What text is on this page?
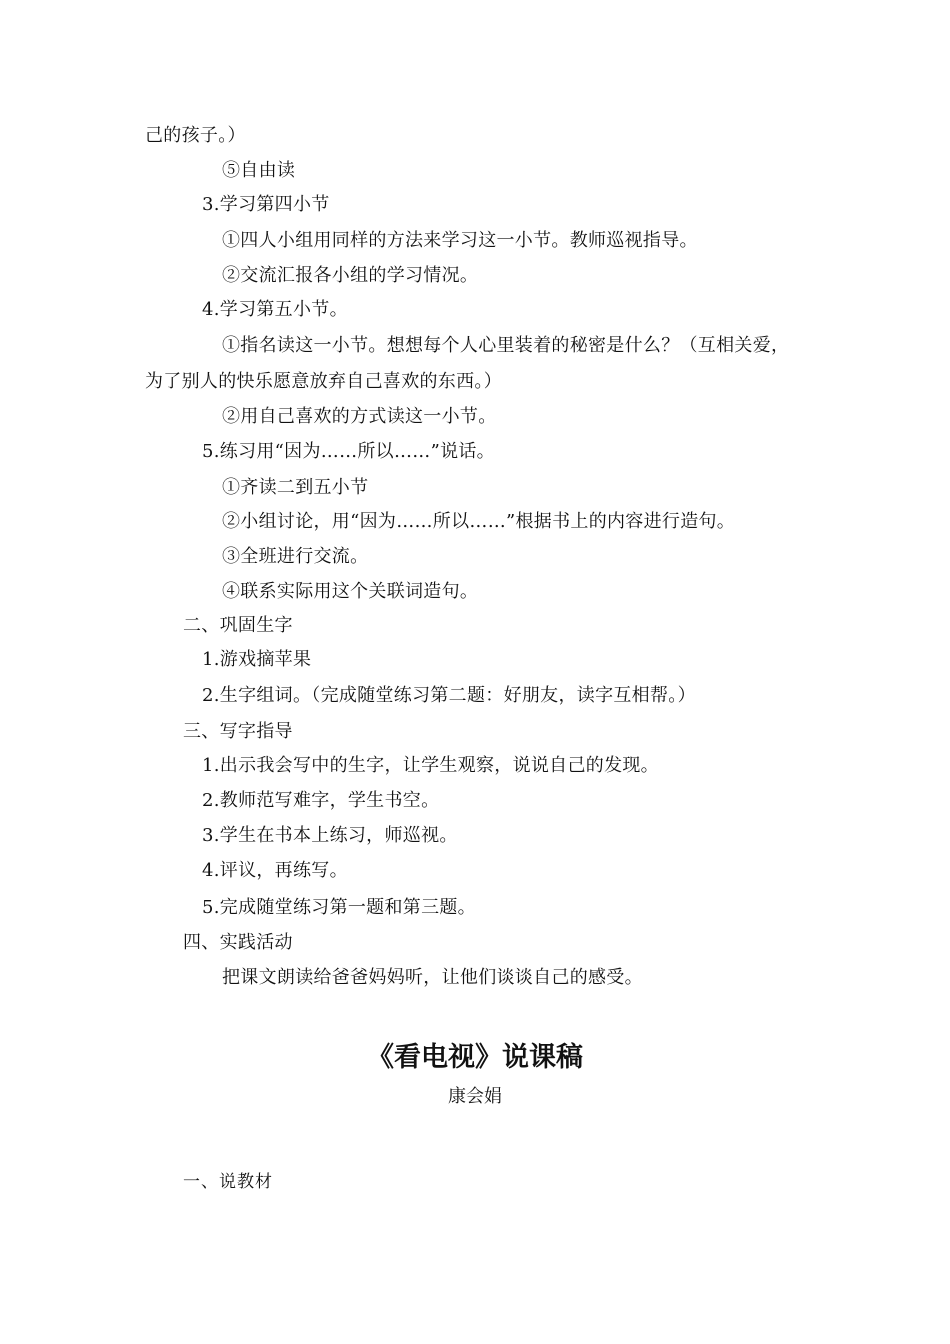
己的孩子。）
⑤自由读
3.学习第四小节
①四人小组用同样的方法来学习这一小节。教师巡视指导。
②交流汇报各小组的学习情况。
4.学习第五小节。
①指名读这一小节。想想每个人心里装着的秘密是什么？（互相关爱，
为了别人的快乐愿意放弃自己喜欢的东西。）
②用自己喜欢的方式读这一小节。
5.练习用“因为……所以……”说话。
①齐读二到五小节
②小组讨论，用“因为……所以……”根据书上的内容进行造句。
③全班进行交流。
④联系实际用这个关联词造句。
二、巩固生字
1.游戏摘苹果
2.生字组词。（完成随堂练习第二题：好朋友，读字互相帮。）
三、写字指导
1.出示我会写中的生字，让学生观察，说说自己的发现。
2.教师范写难字，学生书空。
3.学生在书本上练习，师巡视。
4.评议，再练写。
5.完成随堂练习第一题和第三题。
四、实践活动
把课文朗读给爸爸妈妈听，让他们谈谈自己的感受。
《看电视》说课稿
康会娟
一、说教材
